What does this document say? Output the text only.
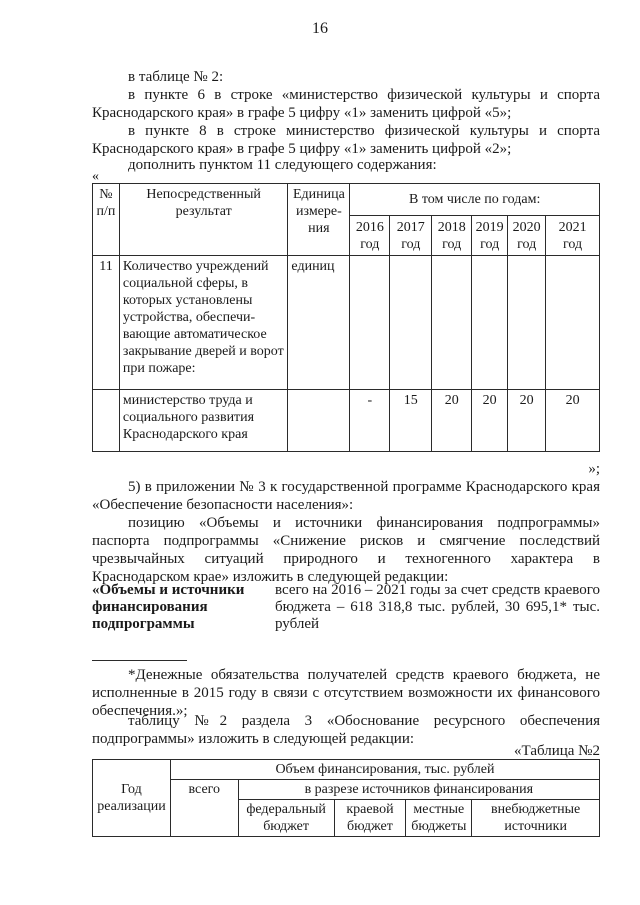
16
в таблице № 2:
в пункте 6 в строке «министерство физической культуры и спорта Краснодарского края» в графе 5 цифру «1» заменить цифрой «5»;
в пункте 8 в строке министерство физической культуры и спорта Краснодарского края» в графе 5 цифру «1» заменить цифрой «2»;
дополнить пунктом 11 следующего содержания:
«
№ п/п	Непосредственный результат	Единица измере-ния	В том числе по годам:					
			2016 год	2017 год	2018 год	2019 год	2020 год	2021 год
11	Количество учреждений социальной сферы, в которых установлены устройства, обеспечи-вающие автоматическое закрывание дверей и ворот при пожаре:	единиц						
	министерство труда и социального развития Краснодарского края		-	15	20	20	20	20
»;
5) в приложении № 3 к государственной программе Краснодарского края «Обеспечение безопасности населения»:
позицию «Объемы и источники финансирования подпрограммы» паспорта подпрограммы «Снижение рисков и смягчение последствий чрезвычайных ситуаций природного и техногенного характера в Краснодарском крае» изложить в следующей редакции:
«Объемы и источники финансирования подпрограммы
всего на 2016 – 2021 годы за счет средств краевого бюджета – 618 318,8 тыс. рублей, 30 695,1* тыс. рублей
*Денежные обязательства получателей средств краевого бюджета, не исполненные в 2015 году в связи с отсутствием возможности их финансового обеспечения.»;
таблицу №2 раздела 3 «Обоснование ресурсного обеспечения подпрограммы» изложить в следующей редакции:
«Таблица №2
Год реализации	Объем финансирования, тыс. рублей				
	всего	в разрезе источников финансирования			
		федеральный бюджет	краевой бюджет	местные бюджеты	внебюджетные источники
